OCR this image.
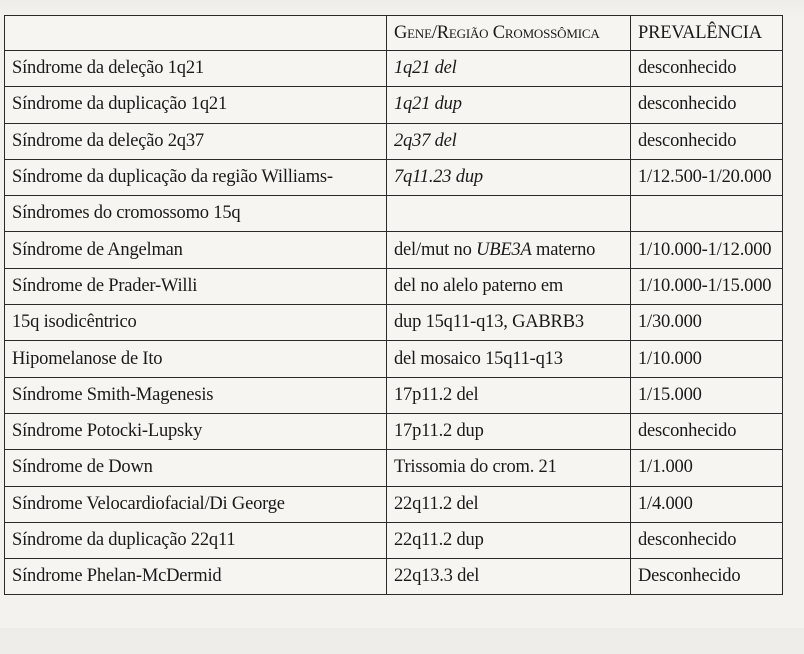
	Gene/Região Cromossômica	PREVALÊNCIA
Síndrome da deleção 1q21	1q21 del	desconhecido
Síndrome da duplicação 1q21	1q21 dup	desconhecido
Síndrome da deleção 2q37	2q37 del	desconhecido
Síndrome da duplicação da região Williams-	7q11.23 dup	1/12.500-1/20.000
Síndromes do cromossomo 15q		
Síndrome de Angelman	del/mut no UBE3A materno	1/10.000-1/12.000
Síndrome de Prader-Willi	del no alelo paterno em	1/10.000-1/15.000
15q isodicêntrico	dup 15q11-q13, GABRB3	1/30.000
Hipomelanose de Ito	del mosaico 15q11-q13	1/10.000
Síndrome Smith-Magenesis	17p11.2 del	1/15.000
Síndrome Potocki-Lupsky	17p11.2 dup	desconhecido
Síndrome de Down	Trissomia do crom. 21	1/1.000
Síndrome Velocardiofacial/Di George	22q11.2 del	1/4.000
Síndrome da duplicação 22q11	22q11.2 dup	desconhecido
Síndrome Phelan-McDermid	22q13.3 del	Desconhecido
